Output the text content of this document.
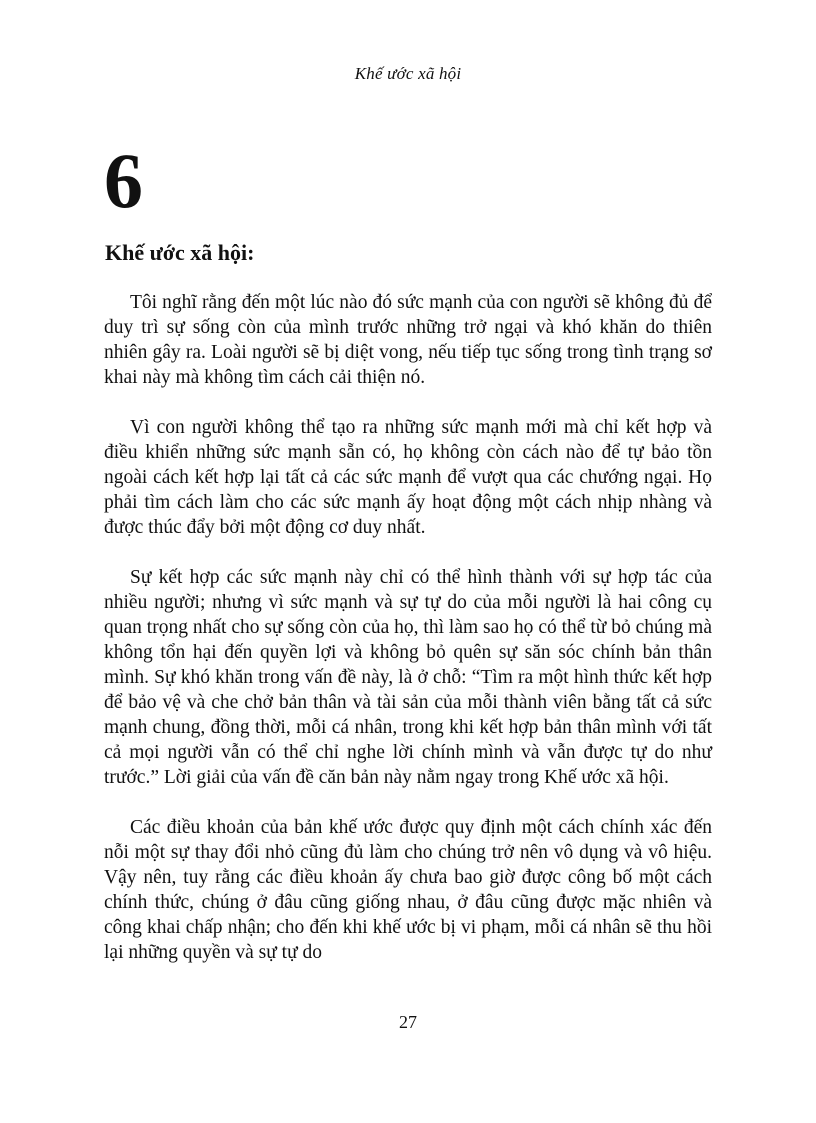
Khế ước xã hội
6
Khế ước xã hội:

Tôi nghĩ rằng đến một lúc nào đó sức mạnh của con người sẽ không đủ để duy trì sự sống còn của mình trước những trở ngại và khó khăn do thiên nhiên gây ra. Loài người sẽ bị diệt vong, nếu tiếp tục sống trong tình trạng sơ khai này mà không tìm cách cải thiện nó.

Vì con người không thể tạo ra những sức mạnh mới mà chỉ kết hợp và điều khiển những sức mạnh sẵn có, họ không còn cách nào để tự bảo tồn ngoài cách kết hợp lại tất cả các sức mạnh để vượt qua các chướng ngại. Họ phải tìm cách làm cho các sức mạnh ấy hoạt động một cách nhịp nhàng và được thúc đẩy bởi một động cơ duy nhất.

Sự kết hợp các sức mạnh này chỉ có thể hình thành với sự hợp tác của nhiều người; nhưng vì sức mạnh và sự tự do của mỗi người là hai công cụ quan trọng nhất cho sự sống còn của họ, thì làm sao họ có thể từ bỏ chúng mà không tổn hại đến quyền lợi và không bỏ quên sự săn sóc chính bản thân mình. Sự khó khăn trong vấn đề này, là ở chỗ: “Tìm ra một hình thức kết hợp để bảo vệ và che chở bản thân và tài sản của mỗi thành viên bằng tất cả sức mạnh chung, đồng thời, mỗi cá nhân, trong khi kết hợp bản thân mình với tất cả mọi người vẫn có thể chỉ nghe lời chính mình và vẫn được tự do như trước.” Lời giải của vấn đề căn bản này nằm ngay trong Khế ước xã hội.

Các điều khoản của bản khế ước được quy định một cách chính xác đến nỗi một sự thay đổi nhỏ cũng đủ làm cho chúng trở nên vô dụng và vô hiệu. Vậy nên, tuy rằng các điều khoản ấy chưa bao giờ được công bố một cách chính thức, chúng ở đâu cũng giống nhau, ở đâu cũng được mặc nhiên và công khai chấp nhận; cho đến khi khế ước bị vi phạm, mỗi cá nhân sẽ thu hồi lại những quyền và sự tự do

27
